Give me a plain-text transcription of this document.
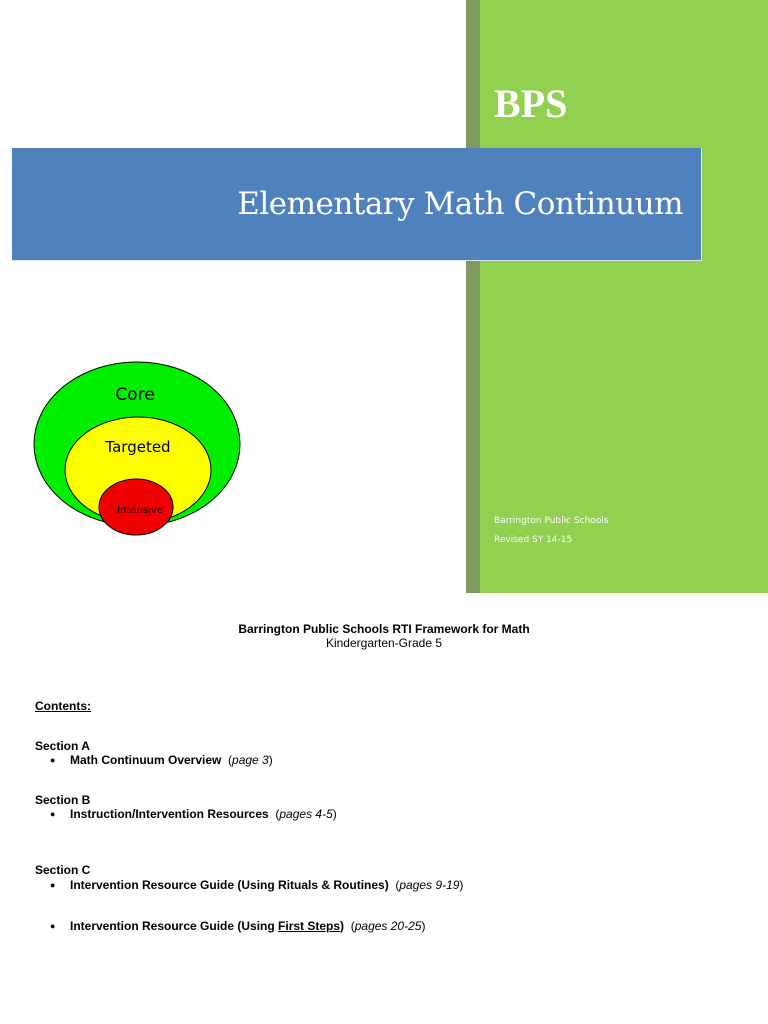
BPS
Elementary Math Continuum
Barrington Public Schools
Revised SY 14-15
Core
Targeted
Intensive
Barrington Public Schools RTI Framework for Math
Kindergarten-Grade 5
Contents:
Section A
● Math Continuum Overview  (page 3)
Section B
● Instruction/Intervention Resources  (pages 4-5)
Section C
● Intervention Resource Guide (Using Rituals & Routines)  (pages 9-19)
● Intervention Resource Guide (Using First Steps)  (pages 20-25)
